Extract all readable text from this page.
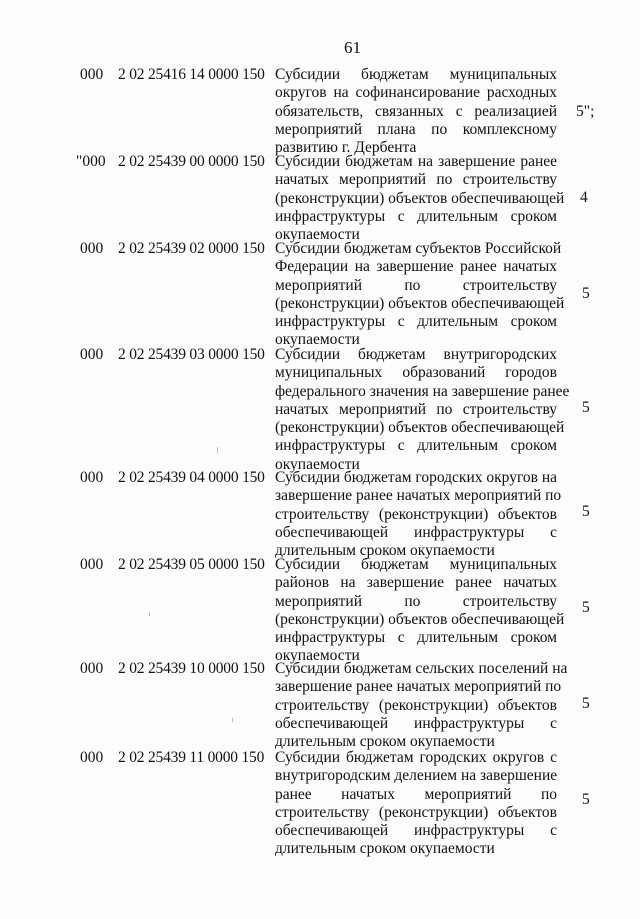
61
000 2 02 25416 14 0000 150 Субсидии бюджетам муниципальных
округов на софинансирование расходных
обязательств, связанных с реализацией
мероприятий плана по комплексному
развитию г. Дербента
5";
"000 2 02 25439 00 0000 150 Субсидии бюджетам на завершение ранее
начатых мероприятий по строительству
(реконструкции) объектов обеспечивающей
инфраструктуры с длительным сроком
окупаемости
4
000 2 02 25439 02 0000 150 Субсидии бюджетам субъектов Российской
Федерации на завершение ранее начатых
мероприятий по строительству
(реконструкции) объектов обеспечивающей
инфраструктуры с длительным сроком
окупаемости
5
000 2 02 25439 03 0000 150 Субсидии бюджетам внутригородских
муниципальных образований городов
федерального значения на завершение ранее
начатых мероприятий по строительству
(реконструкции) объектов обеспечивающей
инфраструктуры с длительным сроком
окупаемости
5
000 2 02 25439 04 0000 150 Субсидии бюджетам городских округов на
завершение ранее начатых мероприятий по
строительству (реконструкции) объектов
обеспечивающей инфраструктуры с
длительным сроком окупаемости
5
000 2 02 25439 05 0000 150 Субсидии бюджетам муниципальных
районов на завершение ранее начатых
мероприятий по строительству
(реконструкции) объектов обеспечивающей
инфраструктуры с длительным сроком
окупаемости
5
000 2 02 25439 10 0000 150 Субсидии бюджетам сельских поселений на
завершение ранее начатых мероприятий по
строительству (реконструкции) объектов
обеспечивающей инфраструктуры с
длительным сроком окупаемости
5
000 2 02 25439 11 0000 150 Субсидии бюджетам городских округов с
внутригородским делением на завершение
ранее начатых мероприятий по
строительству (реконструкции) объектов
обеспечивающей инфраструктуры с
длительным сроком окупаемости
5
